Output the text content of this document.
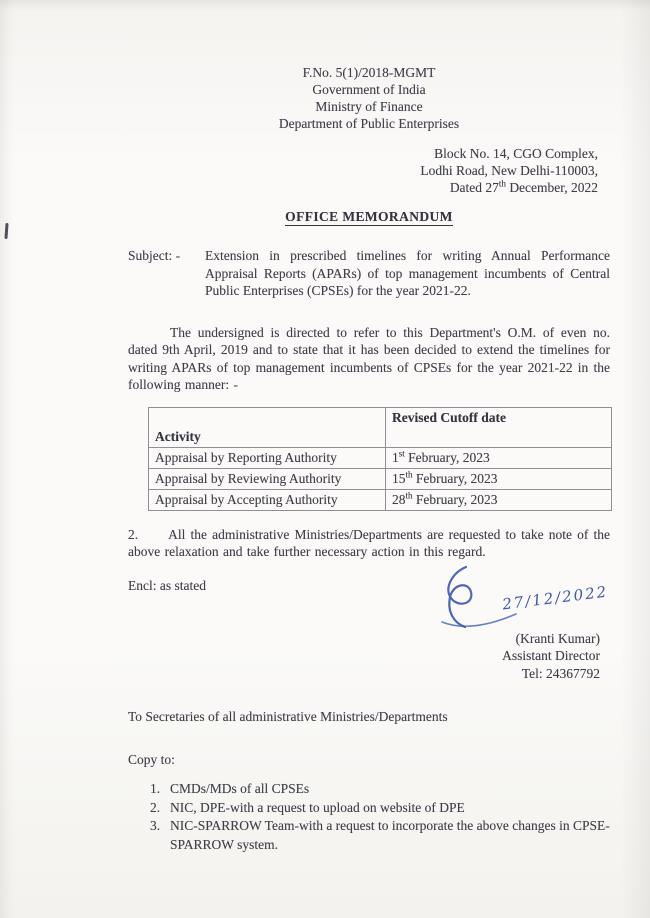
F.No. 5(1)/2018-MGMT
Government of India
Ministry of Finance
Department of Public Enterprises
Block No. 14, CGO Complex,
Lodhi Road, New Delhi-110003,
Dated 27th December, 2022
OFFICE MEMORANDUM
Subject: -	Extension in prescribed timelines for writing Annual Performance Appraisal Reports (APARs) of top management incumbents of Central Public Enterprises (CPSEs) for the year 2021-22.

The undersigned is directed to refer to this Department's O.M. of even no. dated 9th April, 2019 and to state that it has been decided to extend the timelines for writing APARs of top management incumbents of CPSEs for the year 2021-22 in the following manner: -

Activity	Revised Cutoff date
Appraisal by Reporting Authority	1st February, 2023
Appraisal by Reviewing Authority	15th February, 2023
Appraisal by Accepting Authority	28th February, 2023
2. All the administrative Ministries/Departments are requested to take note of the above relaxation and take further necessary action in this regard.
Encl: as stated	27/12/2022
(Kranti Kumar)
Assistant Director
Tel: 24367792
To Secretaries of all administrative Ministries/Departments
Copy to:
1. CMDs/MDs of all CPSEs
2. NIC, DPE-with a request to upload on website of DPE
3. NIC-SPARROW Team-with a request to incorporate the above changes in CPSE-SPARROW system.
